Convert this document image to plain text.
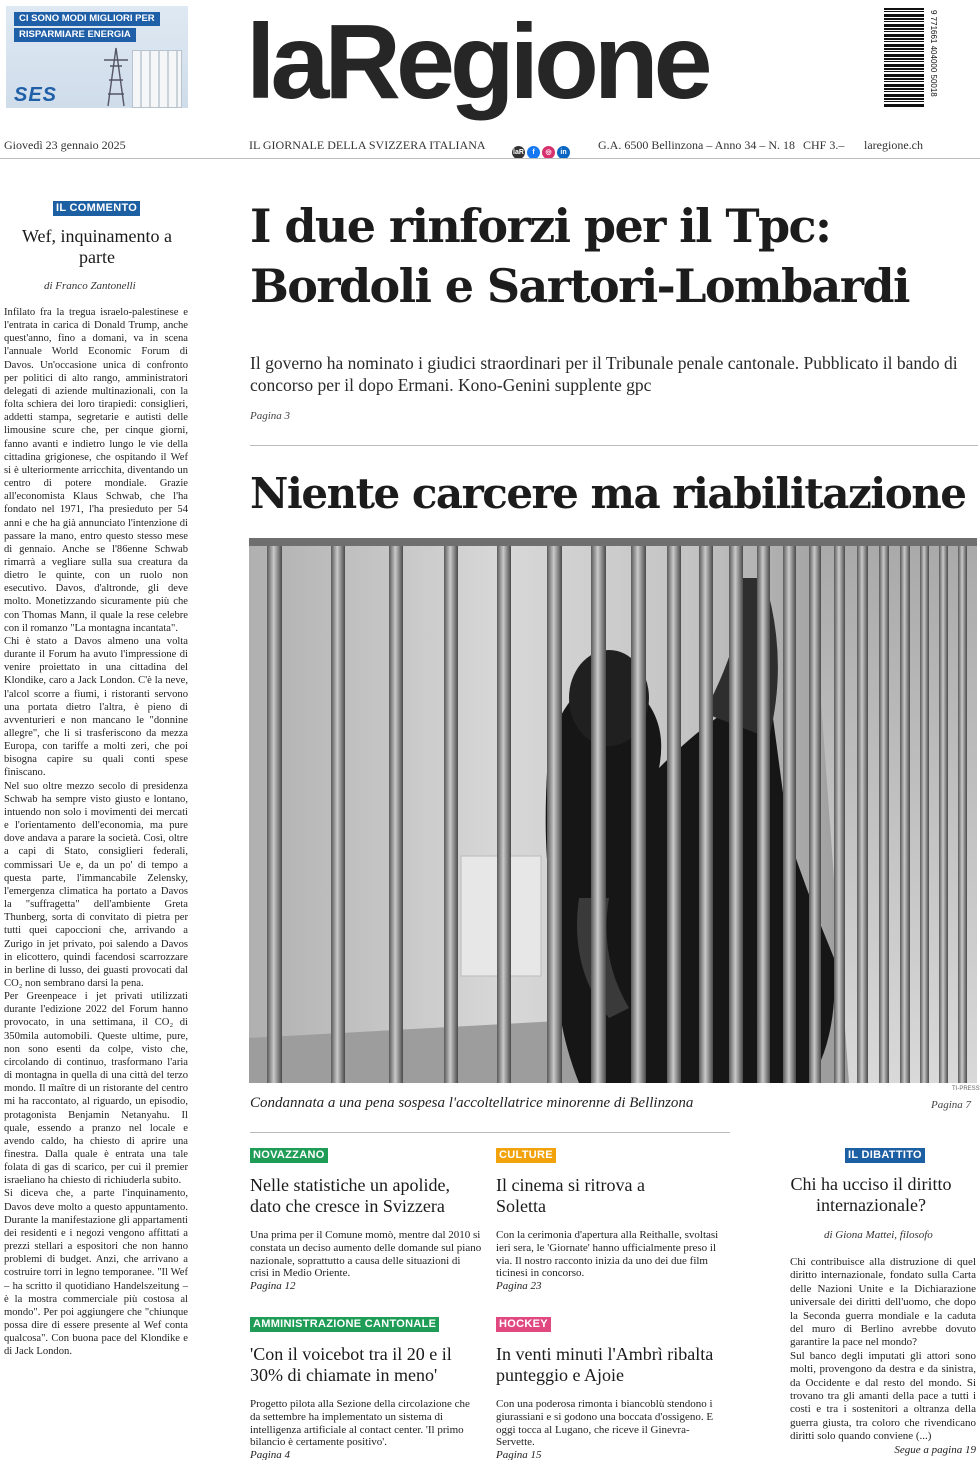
CI SONO MODI MIGLIORI PER
RISPARMIARE ENERGIA
SES laRegione	9 771661 404000 50018
Giovedì 23 gennaio 2025	IL GIORNALE DELLA SVIZZERA ITALIANA	G.A. 6500 Bellinzona – Anno 34 – N. 18 CHF 3.– laregione.ch
laR	f	◎	in
IL COMMENTO
Wef, inquinamento a parte
di Franco Zantonelli

Infilato fra la tregua israelo-palestinese e l'entrata in carica di Donald Trump, anche quest'anno, fino a domani, va in scena l'annuale World Economic Forum di Davos. Un'occasione unica di confronto per politici di alto rango, amministratori delegati di aziende multinazionali, con la folta schiera dei loro tirapiedi: consiglieri, addetti stampa, segretarie e autisti delle limousine scure che, per cinque giorni, fanno avanti e indietro lungo le vie della cittadina grigionese, che ospitando il Wef si è ulteriormente arricchita, diventando un centro di potere mondiale. Grazie all'economista Klaus Schwab, che l'ha fondato nel 1971, l'ha presieduto per 54 anni e che ha già annunciato l'intenzione di passare la mano, entro questo stesso mese di gennaio. Anche se l'86enne Schwab rimarrà a vegliare sulla sua creatura da dietro le quinte, con un ruolo non esecutivo. Davos, d'altronde, gli deve molto. Monetizzando sicuramente più che con Thomas Mann, il quale la rese celebre con il romanzo "La montagna incantata".

Chi è stato a Davos almeno una volta durante il Forum ha avuto l'impressione di venire proiettato in una cittadina del Klondike, caro a Jack London. C'è la neve, l'alcol scorre a fiumi, i ristoranti servono una portata dietro l'altra, è pieno di avventurieri e non mancano le "donnine allegre", che li si trasferiscono da mezza Europa, con tariffe a molti zeri, che poi bisogna capire su quali conti spese finiscano.

Nel suo oltre mezzo secolo di presidenza Schwab ha sempre visto giusto e lontano, intuendo non solo i movimenti dei mercati e l'orientamento dell'economia, ma pure dove andava a parare la società. Così, oltre a capi di Stato, consiglieri federali, commissari Ue e, da un po' di tempo a questa parte, l'immancabile Zelensky, l'emergenza climatica ha portato a Davos la "suffragetta" dell'ambiente Greta Thunberg, sorta di convitato di pietra per tutti quei capoccioni che, arrivando a Zurigo in jet privato, poi salendo a Davos in elicottero, quindi facendosi scarrozzare in berline di lusso, dei guasti provocati dal CO₂ non sembrano darsi la pena.

Per Greenpeace i jet privati utilizzati durante l'edizione 2022 del Forum hanno provocato, in una settimana, il CO₂ di 350mila automobili. Queste ultime, pure, non sono esenti da colpe, visto che, circolando di continuo, trasformano l'aria di montagna in quella di una città del terzo mondo. Il maître di un ristorante del centro mi ha raccontato, al riguardo, un episodio, protagonista Benjamin Netanyahu. Il quale, essendo a pranzo nel locale e avendo caldo, ha chiesto di aprire una finestra. Dalla quale è entrata una tale folata di gas di scarico, per cui il premier israeliano ha chiesto di richiuderla subito.

Si diceva che, a parte l'inquinamento, Davos deve molto a questo appuntamento. Durante la manifestazione gli appartamenti dei residenti e i negozi vengono affittati a prezzi stellari a espositori che non hanno problemi di budget. Anzi, che arrivano a costruire torri in legno temporanee. "Il Wef – ha scritto il quotidiano Handelszeitung – è la mostra commerciale più costosa al mondo". Per poi aggiungere che "chiunque possa dire di essere presente al Wef conta qualcosa". Con buona pace del Klondike e di Jack London.

I due rinforzi per il Tpc:
Bordoli e Sartori-Lombardi
Il governo ha nominato i giudici straordinari per il Tribunale penale cantonale. Pubblicato il bando di concorso per il dopo Ermani. Kono-Genini supplente gpc
Pagina 3
Niente carcere ma riabilitazione
TI-PRESS
Condannata a una pena sospesa l'accoltellatrice minorenne di Bellinzona	Pagina 7
NOVAZZANO
Nelle statistiche un apolide, dato che cresce in Svizzera
Una prima per il Comune momò, mentre dal 2010 si constata un deciso aumento delle domande sul piano nazionale, soprattutto a causa delle situazioni di crisi in Medio Oriente.
Pagina 12
CULTURE
Il cinema si ritrova a Soletta
Con la cerimonia d'apertura alla Reithalle, svoltasi ieri sera, le 'Giornate' hanno ufficialmente preso il via. Il nostro racconto inizia da uno dei due film ticinesi in concorso.
Pagina 23
AMMINISTRAZIONE CANTONALE
'Con il voicebot tra il 20 e il 30% di chiamate in meno'
Progetto pilota alla Sezione della circolazione che da settembre ha implementato un sistema di intelligenza artificiale al contact center. 'Il primo bilancio è certamente positivo'.
Pagina 4
HOCKEY
In venti minuti l'Ambrì ribalta punteggio e Ajoie
Con una poderosa rimonta i biancoblù stendono i giurassiani e si godono una boccata d'ossigeno. E oggi tocca al Lugano, che riceve il Ginevra-Servette.
Pagina 15
IL DIBATTITO
Chi ha ucciso il diritto internazionale?
di Giona Mattei, filosofo

Chi contribuisce alla distruzione di quel diritto internazionale, fondato sulla Carta delle Nazioni Unite e la Dichiarazione universale dei diritti dell'uomo, che dopo la Seconda guerra mondiale e la caduta del muro di Berlino avrebbe dovuto garantire la pace nel mondo?

Sul banco degli imputati gli attori sono molti, provengono da destra e da sinistra, da Occidente e dal resto del mondo. Si trovano tra gli amanti della pace a tutti i costi e tra i sostenitori a oltranza della guerra giusta, tra coloro che rivendicano diritti solo quando conviene (...)

Segue a pagina 19
